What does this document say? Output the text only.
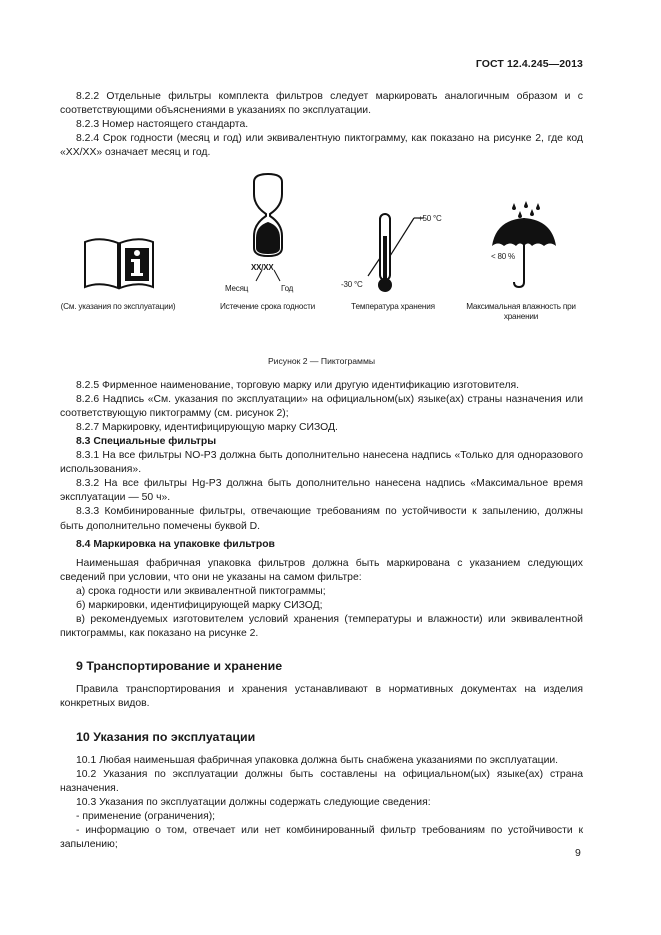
ГОСТ 12.4.245—2013

8.2.2 Отдельные фильтры комплекта фильтров следует маркировать аналогичным образом и с соответствующими объяснениями в указаниях по эксплуатации.

8.2.3 Номер настоящего стандарта.

8.2.4 Срок годности (месяц и год) или эквивалентную пиктограмму, как показано на рисунке 2, где код «XX/XX» означает месяц и год.

(См. указания по эксплуатации)
XX/XX
Месяц	Год
Истечение срока годности
+50 °С
-30 °С
Температура хранения
< 80 %
Максимальная влажность при хранении

Рисунок 2 — Пиктограммы

8.2.5 Фирменное наименование, торговую марку или другую идентификацию изготовителя.

8.2.6 Надпись «См. указания по эксплуатации» на официальном(ых) языке(ах) страны назначения или соответствующую пиктограмму (см. рисунок 2);

8.2.7 Маркировку, идентифицирующую марку СИЗОД.

8.3 Специальные фильтры

8.3.1 На все фильтры NO-P3 должна быть дополнительно нанесена надпись «Только для одноразового использования».

8.3.2 На все фильтры Hg-P3 должна быть дополнительно нанесена надпись «Максимальное время эксплуатации — 50 ч».

8.3.3 Комбинированные фильтры, отвечающие требованиям по устойчивости к запылению, должны быть дополнительно помечены буквой D.

8.4 Маркировка на упаковке фильтров

Наименьшая фабричная упаковка фильтров должна быть маркирована с указанием следующих сведений при условии, что они не указаны на самом фильтре:

а) срока годности или эквивалентной пиктограммы;

б) маркировки, идентифицирующей марку СИЗОД;

в) рекомендуемых изготовителем условий хранения (температуры и влажности) или эквивалентной пиктограммы, как показано на рисунке 2.

9 Транспортирование и хранение

Правила транспортирования и хранения устанавливают в нормативных документах на изделия конкретных видов.

10 Указания по эксплуатации

10.1 Любая наименьшая фабричная упаковка должна быть снабжена указаниями по эксплуатации.

10.2 Указания по эксплуатации должны быть составлены на официальном(ых) языке(ах) страна назначения.

10.3 Указания по эксплуатации должны содержать следующие сведения:

- применение (ограничения);

- информацию о том, отвечает или нет комбинированный фильтр требованиям по устойчивости к запылению;

9
